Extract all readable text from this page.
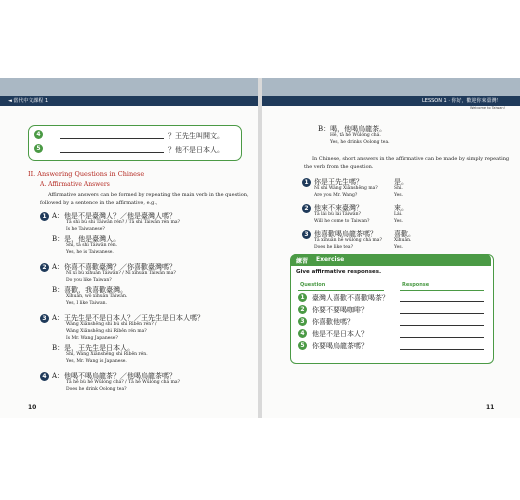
◄ 當代中文課程 1	LESSON 1 · 你好，歡迎你來臺灣！
Welcome to Taiwan!
4	？王先生叫開文。
5	？他不是日本人。
II. Answering Questions in Chinese
A. Affirmative Answers
Affirmative answers can be formed by repeating the main verb in the question,
followed by a sentence in the affirmative, e.g.,
1 A：他是不是臺灣人？／他是臺灣人嗎？
Tā shì bú shì Táiwān rén? / Tā shì Táiwān rén ma?
Is he Taiwanese?
B：是，他是臺灣人。
Shì, tā shì Táiwān rén.
Yes, he is Taiwanese.
2 A：你喜不喜歡臺灣？／你喜歡臺灣嗎？
Nǐ xǐ bù xǐhuān Táiwān? / Nǐ xǐhuān Táiwān ma?
Do you like Taiwan?
B：喜歡，我喜歡臺灣。
Xǐhuān, wǒ xǐhuān Táiwān.
Yes, I like Taiwan.
3 A：王先生是不是日本人？／王先生是日本人嗎？
Wáng Xiānshēng shì bú shì Rìběn rén? /
Wáng Xiānshēng shì Rìběn rén ma?
Is Mr. Wang Japanese?
B：是，王先生是日本人。
Shì, Wáng Xiānshēng shì Rìběn rén.
Yes, Mr. Wang is Japanese.
4 A：他喝不喝烏龍茶？／他喝烏龍茶嗎？
Tā hē bù hē Wūlóng chá? / Tā hē Wūlóng chá ma?
Does he drink Oolong tea?
10
B：喝，他喝烏龍茶。
Hē, tā hē Wūlóng chá.
Yes, he drinks Oolong tea.
In Chinese, short answers in the affirmative can be made by simply repeating
the verb from the question.
1 你是王先生嗎？	是。
Nǐ shì Wáng Xiānshēng ma?	Shì.
Are you Mr. Wang?	Yes.
2 他來不來臺灣？	來。
Tā lái bù lái Táiwān?	Lái.
Will he come to Taiwan?	Yes.
3 他喜歡喝烏龍茶嗎？ 喜歡。
Tā xǐhuān hē wūlóng chá ma?	Xǐhuān.
Does he like tea?	Yes.
練習 Exercise
Give affirmative responses.
Question	Response
1	臺灣人喜歡不喜歡喝茶？
2	你要不要喝咖啡？
3	你喜歡他嗎？
4	他是不是日本人？
5	你要喝烏龍茶嗎？
11
